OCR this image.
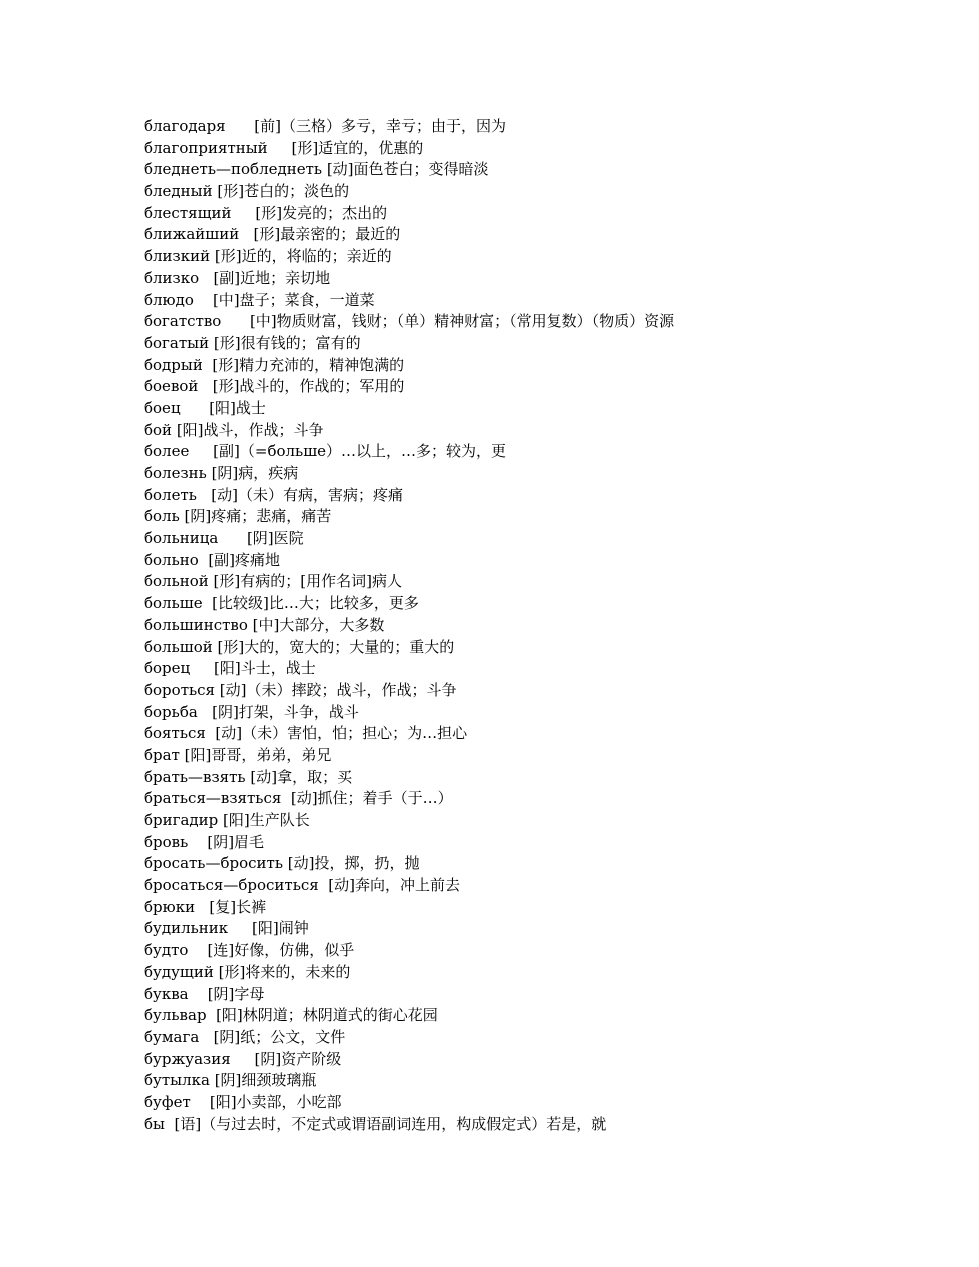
благодаря      [前]（三格）多亏，幸亏；由于，因为
благоприятный     [形]适宜的，优惠的
бледнеть—побледнеть [动]面色苍白；变得暗淡
бледный [形]苍白的；淡色的
блестящий     [形]发亮的；杰出的
ближайший   [形]最亲密的；最近的
близкий [形]近的，将临的；亲近的
близко   [副]近地；亲切地
блюдо    [中]盘子；菜食，一道菜
богатство      [中]物质财富，钱财；（单）精神财富；（常用复数）（物质）资源
богатый [形]很有钱的；富有的
бодрый  [形]精力充沛的，精神饱满的
боевой   [形]战斗的，作战的；军用的
боец      [阳]战士
бой [阳]战斗，作战；斗争
более     [副]（=больше）…以上，…多；较为，更
болезнь [阴]病，疾病
болеть   [动]（未）有病，害病；疼痛
боль [阴]疼痛；悲痛，痛苦
больница      [阴]医院
больно  [副]疼痛地
больной [形]有病的；[用作名词]病人
больше  [比较级]比…大；比较多，更多
большинство [中]大部分，大多数
большой [形]大的，宽大的；大量的；重大的
борец     [阳]斗士，战士
бороться [动]（未）摔跤；战斗，作战；斗争
борьба   [阴]打架，斗争，战斗
бояться  [动]（未）害怕，怕；担心；为…担心
брат [阳]哥哥，弟弟，弟兄
брать—взять [动]拿，取；买
браться—взяться  [动]抓住；着手（于…）
бригадир [阳]生产队长
бровь    [阴]眉毛
бросать—бросить [动]投，掷，扔，抛
бросаться—броситься  [动]奔向，冲上前去
брюки   [复]长裤
будильник     [阳]闹钟
будто    [连]好像，仿佛，似乎
будущий [形]将来的，未来的
буква    [阴]字母
бульвар  [阳]林阴道；林阴道式的街心花园
бумага   [阴]纸；公文，文件
буржуазия     [阴]资产阶级
бутылка [阴]细颈玻璃瓶
буфет    [阳]小卖部，小吃部
бы  [语]（与过去时，不定式或谓语副词连用，构成假定式）若是，就
